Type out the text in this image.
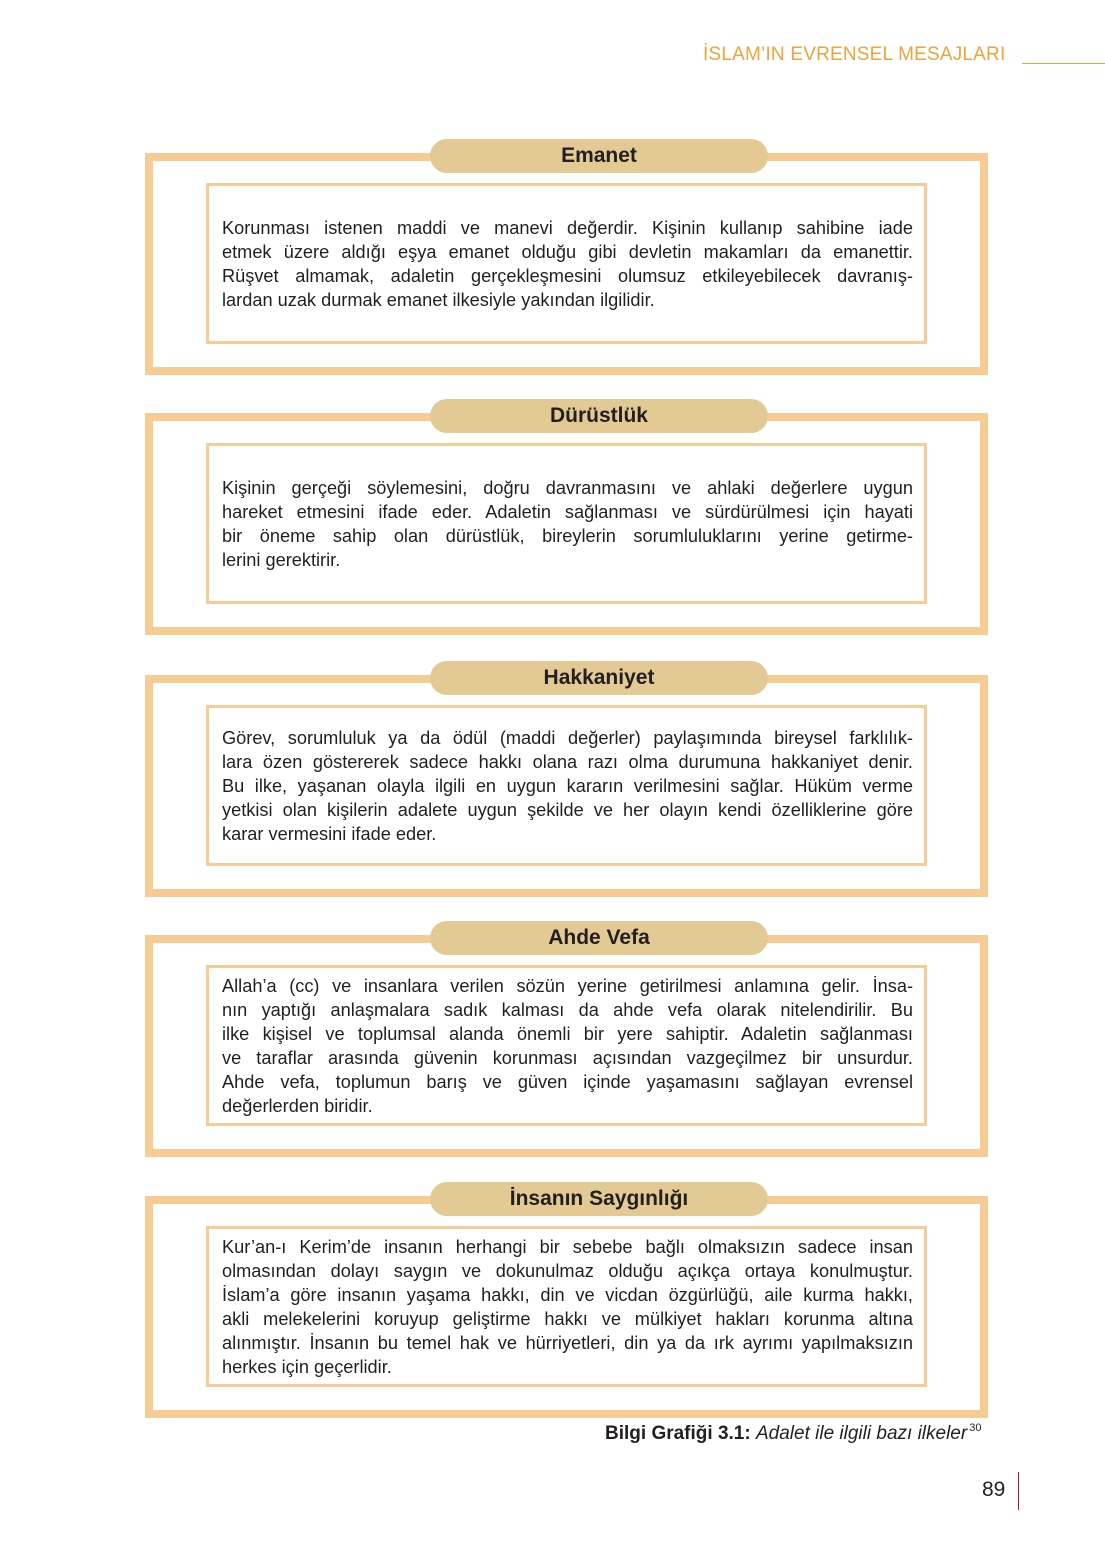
İSLAM’IN EVRENSEL MESAJLARI
Emanet
Korunması istenen maddi ve manevi değerdir. Kişinin kullanıp sahibine iade
etmek üzere aldığı eşya emanet olduğu gibi devletin makamları da emanettir.
Rüşvet almamak, adaletin gerçekleşmesini olumsuz etkileyebilecek davranış-
lardan uzak durmak emanet ilkesiyle yakından ilgilidir.
Dürüstlük
Kişinin gerçeği söylemesini, doğru davranmasını ve ahlaki değerlere uygun
hareket etmesini ifade eder. Adaletin sağlanması ve sürdürülmesi için hayati
bir öneme sahip olan dürüstlük, bireylerin sorumluluklarını yerine getirme-
lerini gerektirir.
Hakkaniyet
Görev, sorumluluk ya da ödül (maddi değerler) paylaşımında bireysel farklılık-
lara özen göstererek sadece hakkı olana razı olma durumuna hakkaniyet denir.
Bu ilke, yaşanan olayla ilgili en uygun kararın verilmesini sağlar. Hüküm verme
yetkisi olan kişilerin adalete uygun şekilde ve her olayın kendi özelliklerine göre
karar vermesini ifade eder.
Ahde Vefa
Allah’a (cc) ve insanlara verilen sözün yerine getirilmesi anlamına gelir. İnsa-
nın yaptığı anlaşmalara sadık kalması da ahde vefa olarak nitelendirilir. Bu
ilke kişisel ve toplumsal alanda önemli bir yere sahiptir. Adaletin sağlanması
ve taraflar arasında güvenin korunması açısından vazgeçilmez bir unsurdur.
Ahde vefa, toplumun barış ve güven içinde yaşamasını sağlayan evrensel
değerlerden biridir.
İnsanın Saygınlığı
Kur’an-ı Kerim’de insanın herhangi bir sebebe bağlı olmaksızın sadece insan
olmasından dolayı saygın ve dokunulmaz olduğu açıkça ortaya konulmuştur.
İslam’a göre insanın yaşama hakkı, din ve vicdan özgürlüğü, aile kurma hakkı,
akli melekelerini koruyup geliştirme hakkı ve mülkiyet hakları korunma altına
alınmıştır. İnsanın bu temel hak ve hürriyetleri, din ya da ırk ayrımı yapılmaksızın
herkes için geçerlidir.
Bilgi Grafiği 3.1: Adalet ile ilgili bazı ilkeler $^{30}$
89
